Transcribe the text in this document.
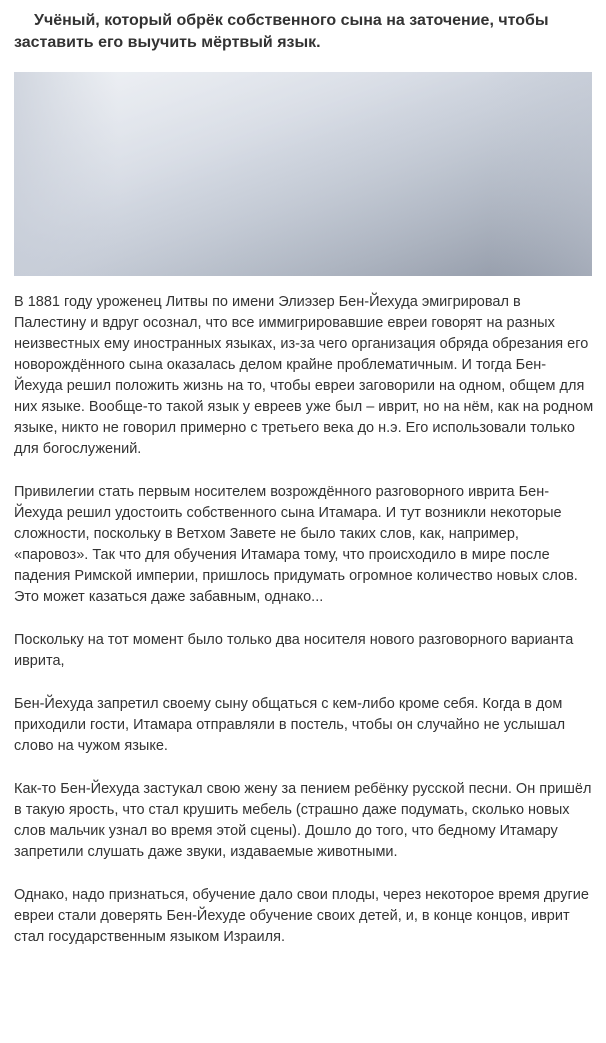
Учёный, который обрёк собственного сына на заточение, чтобы заставить его выучить мёртвый язык.

В 1881 году уроженец Литвы по имени Элиэзер Бен-Йехуда эмигрировал в Палестину и вдруг осознал, что все иммигрировавшие евреи говорят на разных неизвестных ему иностранных языках, из-за чего организация обряда обрезания его новорождённого сына оказалась делом крайне проблематичным. И тогда Бен-Йехуда решил положить жизнь на то, чтобы евреи заговорили на одном, общем для них языке. Вообще-то такой язык у евреев уже был – иврит, но на нём, как на родном языке, никто не говорил примерно с третьего века до н.э. Его использовали только для богослужений.

Привилегии стать первым носителем возрождённого разговорного иврита Бен-Йехуда решил удостоить собственного сына Итамара. И тут возникли некоторые сложности, поскольку в Ветхом Завете не было таких слов, как, например, «паровоз». Так что для обучения Итамара тому, что происходило в мире после падения Римской империи, пришлось придумать огромное количество новых слов. Это может казаться даже забавным, однако...

Поскольку на тот момент было только два носителя нового разговорного варианта иврита,

Бен-Йехуда запретил своему сыну общаться с кем-либо кроме себя. Когда в дом приходили гости, Итамара отправляли в постель, чтобы он случайно не услышал слово на чужом языке.

Как-то Бен-Йехуда застукал свою жену за пением ребёнку русской песни. Он пришёл в такую ярость, что стал крушить мебель (страшно даже подумать, сколько новых слов мальчик узнал во время этой сцены). Дошло до того, что бедному Итамару запретили слушать даже звуки, издаваемые животными.

Однако, надо признаться, обучение дало свои плоды, через некоторое время другие евреи стали доверять Бен-Йехуде обучение своих детей, и, в конце концов, иврит стал государственным языком Израиля.
